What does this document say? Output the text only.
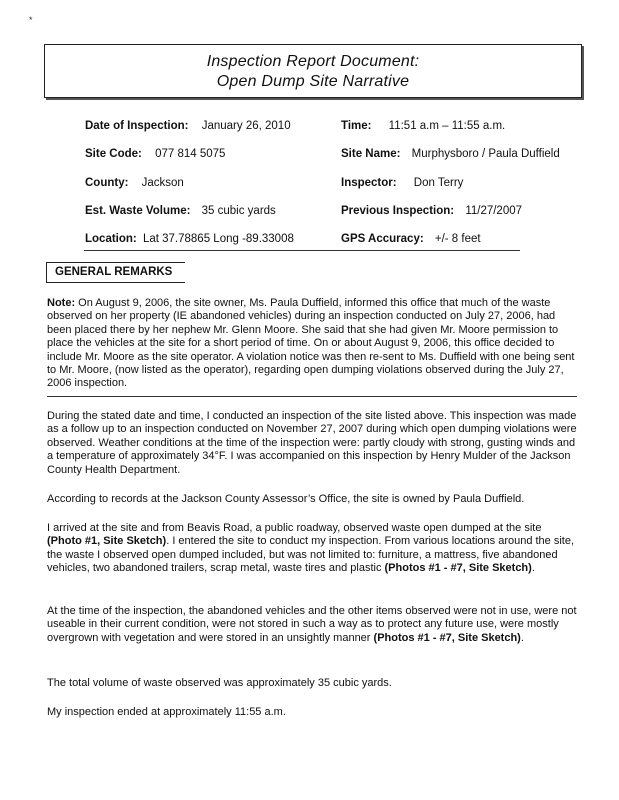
*
Inspection Report Document:
Open Dump Site Narrative
Date of Inspection: January 26, 2010	Time: 11:51 a.m – 11:55 a.m.
Site Code: 077 814 5075	Site Name: Murphysboro / Paula Duffield
County: Jackson	Inspector: Don Terry
Est. Waste Volume: 35 cubic yards	Previous Inspection: 11/27/2007
Location: Lat 37.78865 Long -89.33008	GPS Accuracy: +/- 8 feet
GENERAL REMARKS
Note: On August 9, 2006, the site owner, Ms. Paula Duffield, informed this office that much of the waste observed on her property (IE abandoned vehicles) during an inspection conducted on July 27, 2006, had been placed there by her nephew Mr. Glenn Moore. She said that she had given Mr. Moore permission to place the vehicles at the site for a short period of time. On or about August 9, 2006, this office decided to include Mr. Moore as the site operator. A violation notice was then re-sent to Ms. Duffield with one being sent to Mr. Moore, (now listed as the operator), regarding open dumping violations observed during the July 27, 2006 inspection.
During the stated date and time, I conducted an inspection of the site listed above. This inspection was made as a follow up to an inspection conducted on November 27, 2007 during which open dumping violations were observed. Weather conditions at the time of the inspection were: partly cloudy with strong, gusting winds and a temperature of approximately 34°F. I was accompanied on this inspection by Henry Mulder of the Jackson County Health Department.
According to records at the Jackson County Assessor’s Office, the site is owned by Paula Duffield.
I arrived at the site and from Beavis Road, a public roadway, observed waste open dumped at the site (Photo #1, Site Sketch). I entered the site to conduct my inspection. From various locations around the site, the waste I observed open dumped included, but was not limited to: furniture, a mattress, five abandoned vehicles, two abandoned trailers, scrap metal, waste tires and plastic (Photos #1 - #7, Site Sketch).
At the time of the inspection, the abandoned vehicles and the other items observed were not in use, were not useable in their current condition, were not stored in such a way as to protect any future use, were mostly overgrown with vegetation and were stored in an unsightly manner (Photos #1 - #7, Site Sketch).
The total volume of waste observed was approximately 35 cubic yards.
My inspection ended at approximately 11:55 a.m.
